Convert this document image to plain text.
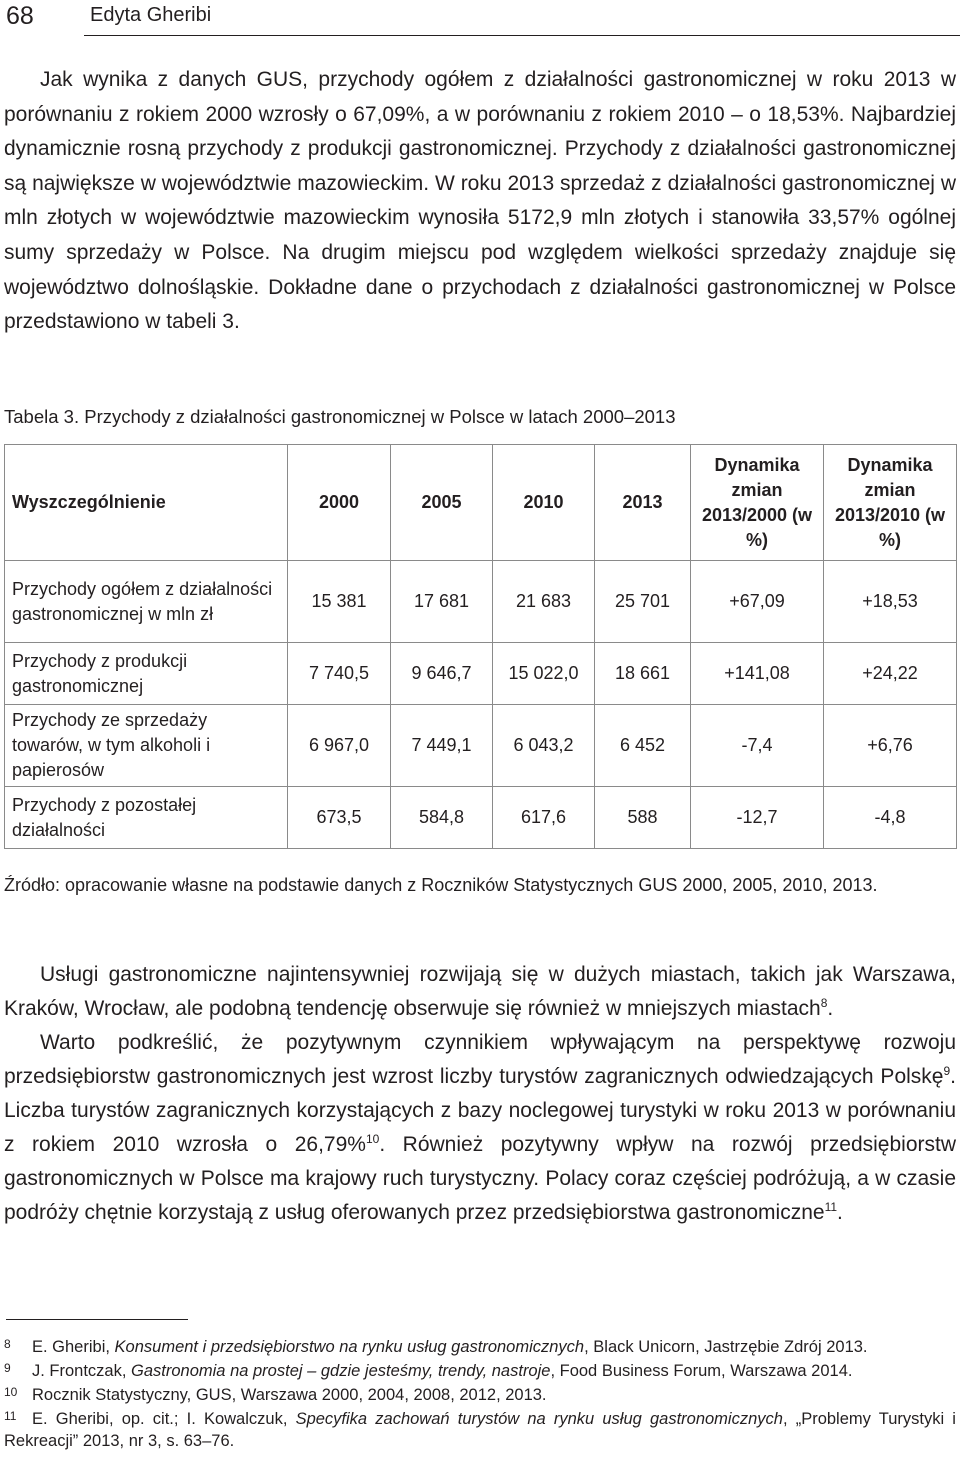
68	Edyta Gheribi

Jak wynika z danych GUS, przychody ogółem z działalności gastronomicznej w roku 2013 w porównaniu z rokiem 2000 wzrosły o 67,09%, a w porównaniu z rokiem 2010 – o 18,53%. Najbardziej dynamicznie rosną przychody z produkcji gastronomicznej. Przychody z działalności gastronomicznej są największe w województwie mazowieckim. W roku 2013 sprzedaż z działalności gastronomicznej w mln złotych w województwie mazowieckim wynosiła 5172,9 mln złotych i stanowiła 33,57% ogólnej sumy sprzedaży w Polsce. Na drugim miejscu pod względem wielkości sprzedaży znajduje się województwo dolnośląskie. Dokładne dane o przychodach z działalności gastronomicznej w Polsce przedstawiono w tabeli 3.

Tabela 3. Przychody z działalności gastronomicznej w Polsce w latach 2000–2013

Wyszczególnienie	2000	2005	2010	2013	Dynamika zmian 2013/2000 (w %)	Dynamika zmian 2013/2010 (w %)
Przychody ogółem z działalności gastronomicznej w mln zł	15 381	17 681	21 683	25 701	+67,09	+18,53
Przychody z produkcji gastronomicznej	7 740,5	9 646,7	15 022,0	18 661	+141,08	+24,22
Przychody ze sprzedaży towarów, w tym alkoholi i papierosów	6 967,0	7 449,1	6 043,2	6 452	-7,4	+6,76
Przychody z pozostałej działalności	673,5	584,8	617,6	588	-12,7	-4,8

Źródło: opracowanie własne na podstawie danych z Roczników Statystycznych GUS 2000, 2005, 2010, 2013.

Usługi gastronomiczne najintensywniej rozwijają się w dużych miastach, takich jak Warszawa, Kraków, Wrocław, ale podobną tendencję obserwuje się również w mniejszych miastach$^8$.

Warto podkreślić, że pozytywnym czynnikiem wpływającym na perspektywę rozwoju przedsiębiorstw gastronomicznych jest wzrost liczby turystów zagranicznych odwiedzających Polskę$^9$. Liczba turystów zagranicznych korzystających z bazy noclegowej turystyki w roku 2013 w porównaniu z rokiem 2010 wzrosła o 26,79%$^{10}$. Również pozytywny wpływ na rozwój przedsiębiorstw gastronomicznych w Polsce ma krajowy ruch turystyczny. Polacy coraz częściej podróżują, a w czasie podróży chętnie korzystają z usług oferowanych przez przedsiębiorstwa gastronomiczne$^{11}$.

8 E. Gheribi, Konsument i przedsiębiorstwo na rynku usług gastronomicznych, Black Unicorn, Jastrzębie Zdrój 2013.

9 J. Frontczak, Gastronomia na prostej – gdzie jesteśmy, trendy, nastroje, Food Business Forum, Warszawa 2014.

10 Rocznik Statystyczny, GUS, Warszawa 2000, 2004, 2008, 2012, 2013.

11 E. Gheribi, op. cit.; I. Kowalczuk, Specyfika zachowań turystów na rynku usług gastronomicznych, „Problemy Turystyki i Rekreacji” 2013, nr 3, s. 63–76.
